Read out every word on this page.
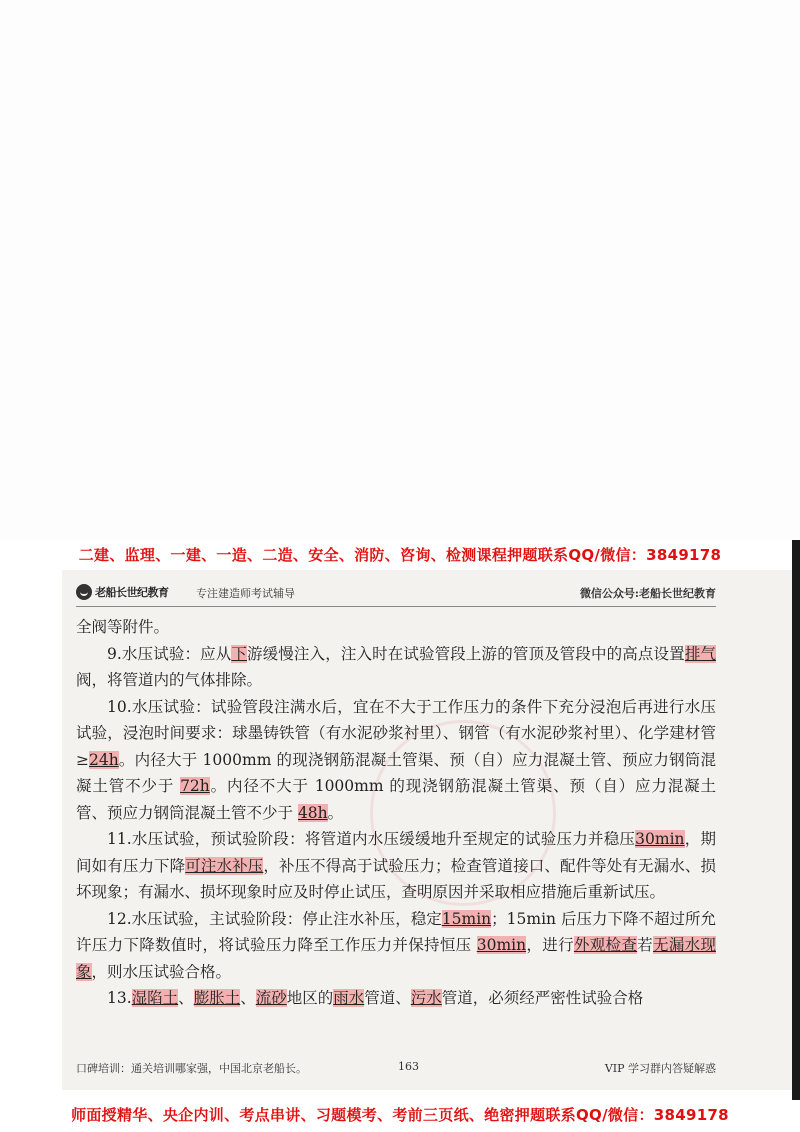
二建、监理、一建、一造、二造、安全、消防、咨询、检测课程押题联系QQ/微信：3849178
老船长世纪教育	专注建造师考试辅导	微信公众号:老船长世纪教育

全阀等附件。

9.水压试验：应从下游缓慢注入，注入时在试验管段上游的管顶及管段中的高点设置排气阀，将管道内的气体排除。

10.水压试验：试验管段注满水后，宜在不大于工作压力的条件下充分浸泡后再进行水压试验，浸泡时间要求：球墨铸铁管（有水泥砂浆衬里）、钢管（有水泥砂浆衬里）、化学建材管≥24h。内径大于 1000mm 的现浇钢筋混凝土管渠、预（自）应力混凝土管、预应力钢筒混凝土管不少于 72h。内径不大于 1000mm 的现浇钢筋混凝土管渠、预（自）应力混凝土管、预应力钢筒混凝土管不少于 48h。

11.水压试验，预试验阶段：将管道内水压缓缓地升至规定的试验压力并稳压30min，期间如有压力下降可注水补压，补压不得高于试验压力；检查管道接口、配件等处有无漏水、损坏现象；有漏水、损坏现象时应及时停止试压，查明原因并采取相应措施后重新试压。

12.水压试验，主试验阶段：停止注水补压，稳定15min；15min 后压力下降不超过所允许压力下降数值时，将试验压力降至工作压力并保持恒压 30min，进行外观检查若无漏水现象，则水压试验合格。

13.湿陷土、膨胀土、流砂地区的雨水管道、污水管道，必须经严密性试验合格

口碑培训：通关培训哪家强，中国北京老船长。	163	VIP 学习群内答疑解惑
师面授精华、央企内训、考点串讲、习题模考、考前三页纸、绝密押题联系QQ/微信：3849178
